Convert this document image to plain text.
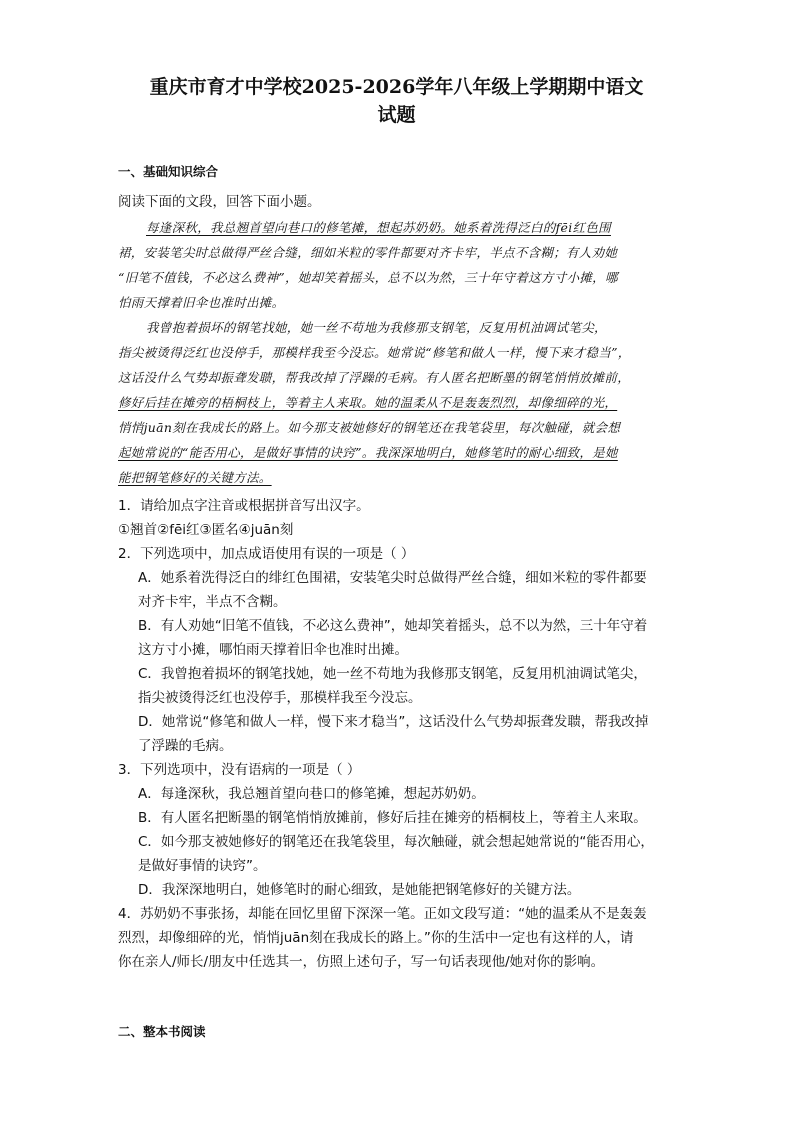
重庆市育才中学校2025-2026学年八年级上学期期中语文
试题
一、基础知识综合
阅读下面的文段，回答下面小题。
每逢深秋，我总翘首望向巷口的修笔摊，想起苏奶奶。她系着洗得泛白的fēi红色围
裙，安装笔尖时总做得严丝合缝，细如米粒的零件都要对齐卡牢，半点不含糊；有人劝她
“旧笔不值钱，不必这么费神”，她却笑着摇头，总不以为然，三十年守着这方寸小摊，哪
怕雨天撑着旧伞也准时出摊。
我曾抱着损坏的钢笔找她，她一丝不苟地为我修那支钢笔，反复用机油调试笔尖，
指尖被烫得泛红也没停手，那模样我至今没忘。她常说“修笔和做人一样，慢下来才稳当”，
这话没什么气势却振聋发聩，帮我改掉了浮躁的毛病。有人匿名把断墨的钢笔悄悄放摊前，
修好后挂在摊旁的梧桐枝上，等着主人来取。她的温柔从不是轰轰烈烈，却像细碎的光，
悄悄juān刻在我成长的路上。如今那支被她修好的钢笔还在我笔袋里，每次触碰，就会想
起她常说的“能否用心，是做好事情的诀窍”。我深深地明白，她修笔时的耐心细致，是她
能把钢笔修好的关键方法。
1．请给加点字注音或根据拼音写出汉字。
①翘首②fēi红③匿名④juān刻
2．下列选项中，加点成语使用有误的一项是（ ）
A．她系着洗得泛白的绯红色围裙，安装笔尖时总做得严丝合缝，细如米粒的零件都要
对齐卡牢，半点不含糊。
B．有人劝她“旧笔不值钱，不必这么费神”，她却笑着摇头，总不以为然，三十年守着
这方寸小摊，哪怕雨天撑着旧伞也准时出摊。
C．我曾抱着损坏的钢笔找她，她一丝不苟地为我修那支钢笔，反复用机油调试笔尖，
指尖被烫得泛红也没停手，那模样我至今没忘。
D．她常说“修笔和做人一样，慢下来才稳当”，这话没什么气势却振聋发聩，帮我改掉
了浮躁的毛病。
3．下列选项中，没有语病的一项是（ ）
A．每逢深秋，我总翘首望向巷口的修笔摊，想起苏奶奶。
B．有人匿名把断墨的钢笔悄悄放摊前，修好后挂在摊旁的梧桐枝上，等着主人来取。
C．如今那支被她修好的钢笔还在我笔袋里，每次触碰，就会想起她常说的“能否用心，
是做好事情的诀窍”。
D．我深深地明白，她修笔时的耐心细致，是她能把钢笔修好的关键方法。
4．苏奶奶不事张扬，却能在回忆里留下深深一笔。正如文段写道：“她的温柔从不是轰轰
烈烈，却像细碎的光，悄悄juān刻在我成长的路上。”你的生活中一定也有这样的人，请
你在亲人/师长/朋友中任选其一，仿照上述句子，写一句话表现他/她对你的影响。
二、整本书阅读
